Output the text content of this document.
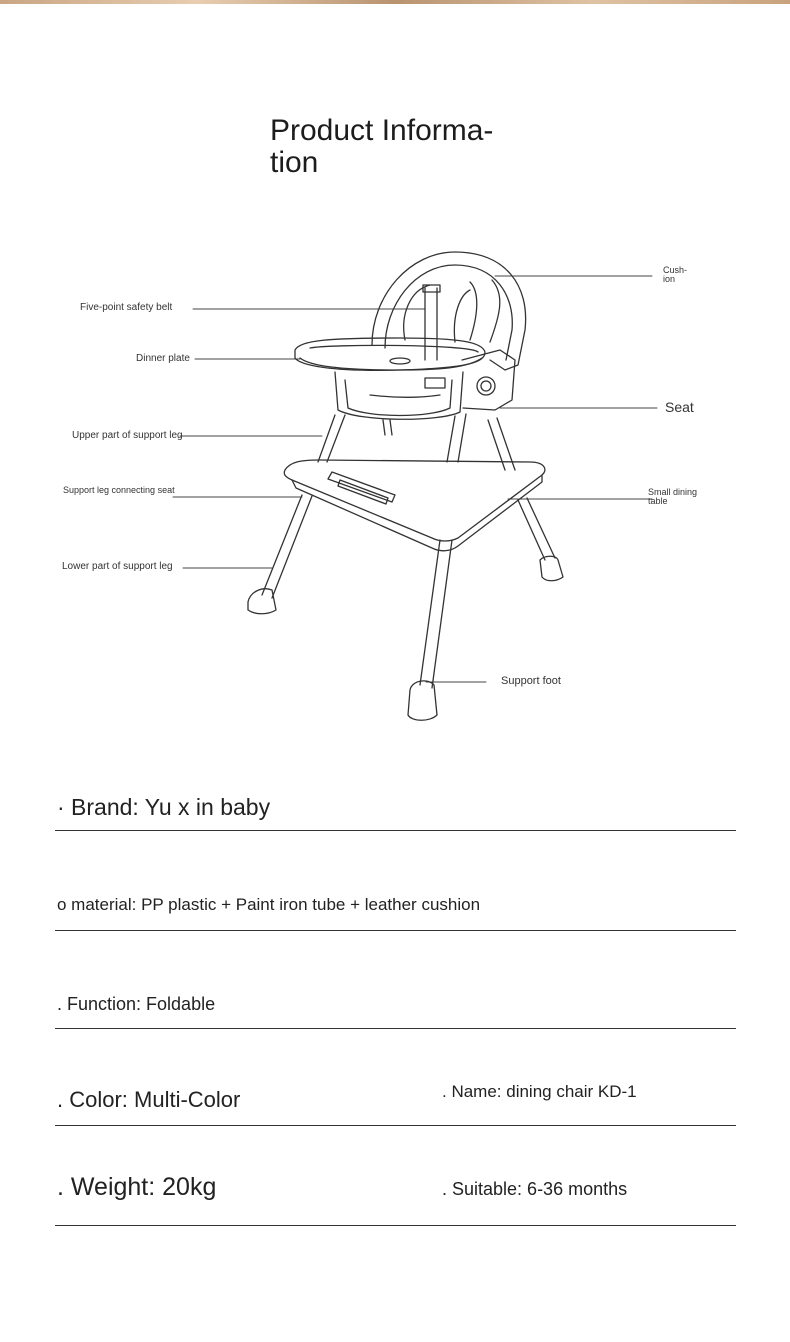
Product Informa-
tion
Five-point safety belt
Dinner plate
Upper part of support leg
Support leg connecting seat
Lower part of support leg
Cush-ion
Seat
Small dining table
Support foot
· Brand: Yu x in baby
o material: PP plastic + Paint iron tube + leather cushion
. Function: Foldable
. Color: Multi-Color	. Name: dining chair KD-1
. Weight: 20kg	. Suitable: 6-36 months
